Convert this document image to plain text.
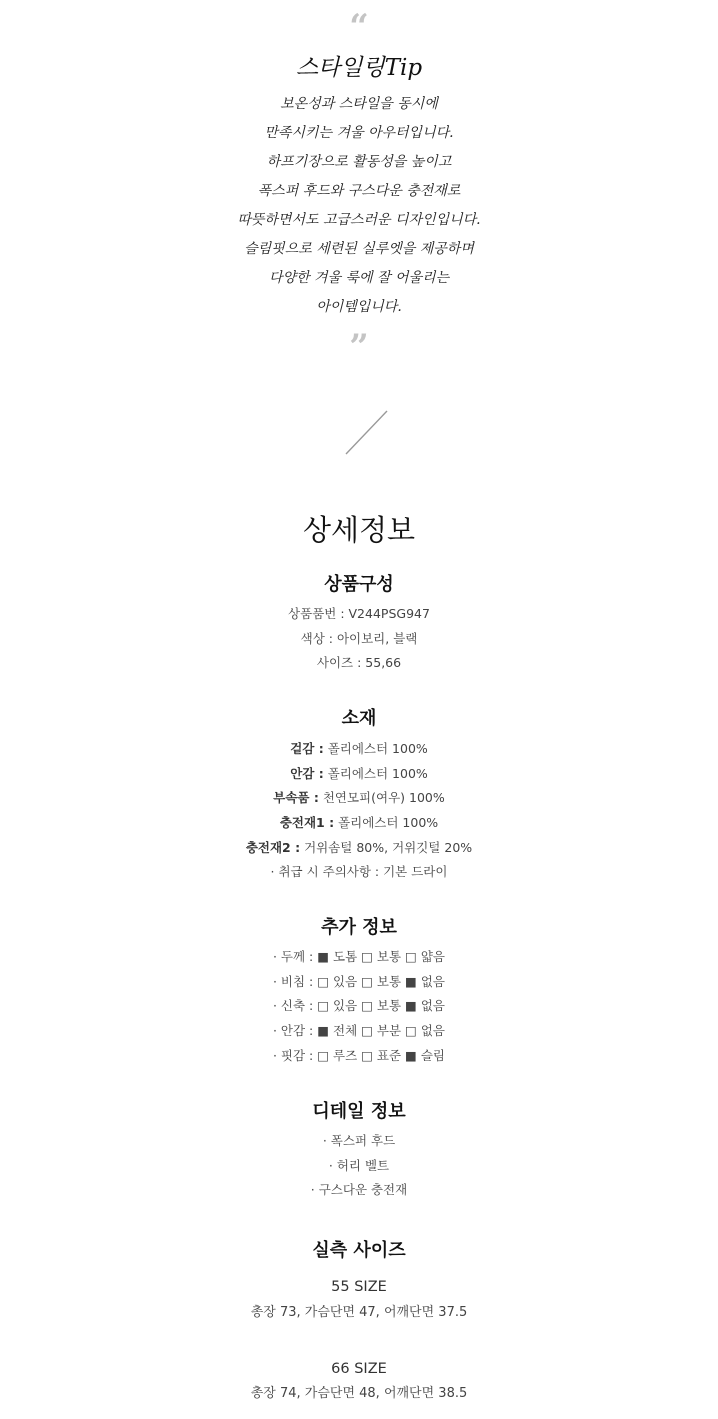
“
스타일링Tip
보온성과 스타일을 동시에
만족시키는 겨울 아우터입니다.
하프기장으로 활동성을 높이고
폭스퍼 후드와 구스다운 충전재로
따뜻하면서도 고급스러운 디자인입니다.
슬림핏으로 세련된 실루엣을 제공하며
다양한 겨울 룩에 잘 어울리는
아이템입니다.
”
상세정보
상품구성
상품품번 : V244PSG947
색상 : 아이보리, 블랙
사이즈 : 55,66
소재
겉감 : 폴리에스터 100%
안감 : 폴리에스터 100%
부속품 : 천연모피(여우) 100%
충전재1 : 폴리에스터 100%
충전재2 : 거위솜털 80%, 거위깃털 20%
· 취급 시 주의사항 : 기본 드라이
추가 정보
· 두께 : ■ 도톰 □ 보통 □ 얇음
· 비침 : □ 있음 □ 보통 ■ 없음
· 신축 : □ 있음 □ 보통 ■ 없음
· 안감 : ■ 전체 □ 부분 □ 없음
· 핏감 : □ 루즈 □ 표준 ■ 슬림
디테일 정보
· 폭스퍼 후드
· 허리 벨트
· 구스다운 충전재
실측 사이즈
55 SIZE
총장 73, 가슴단면 47, 어깨단면 37.5
66 SIZE
총장 74, 가슴단면 48, 어깨단면 38.5
